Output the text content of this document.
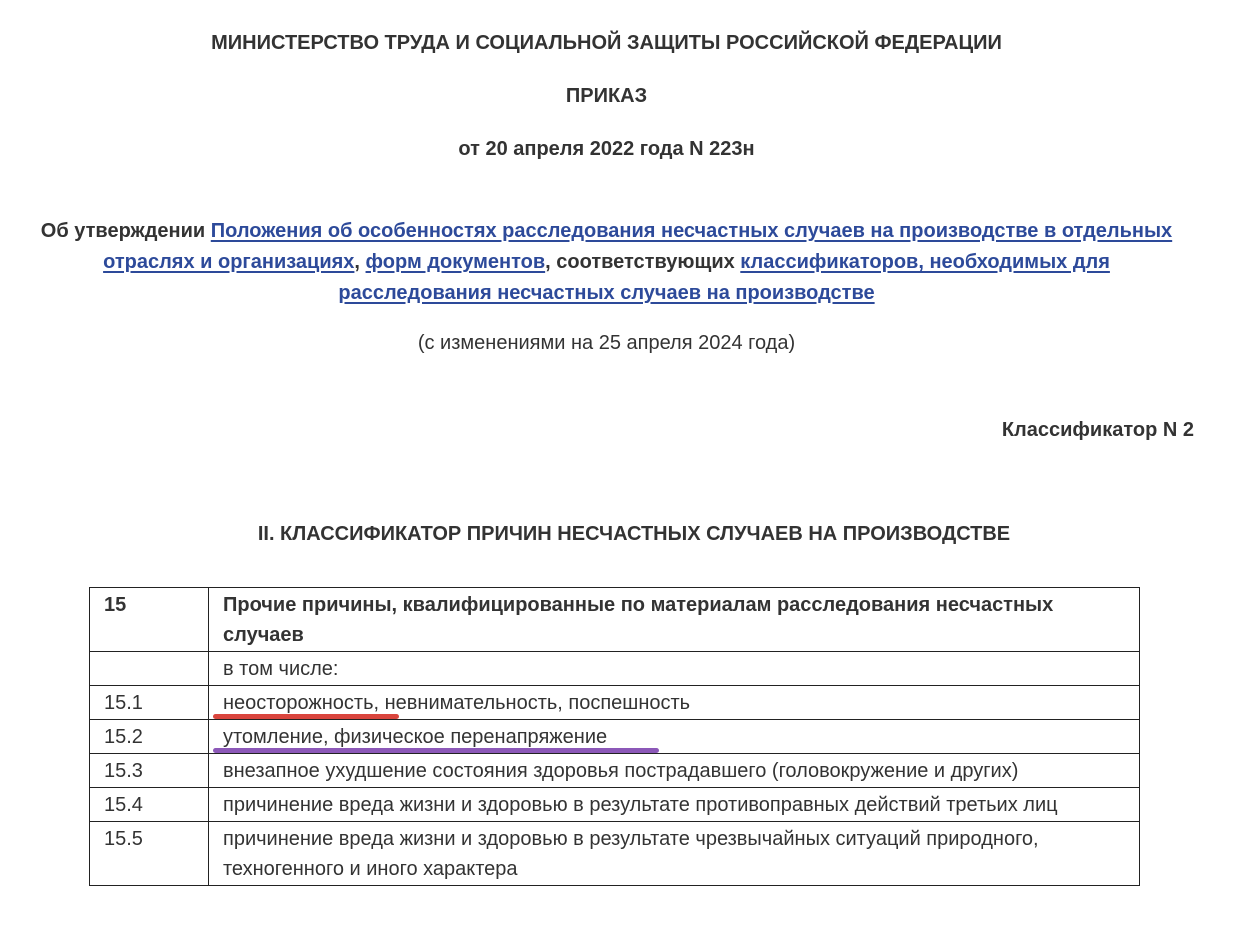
МИНИСТЕРСТВО ТРУДА И СОЦИАЛЬНОЙ ЗАЩИТЫ РОССИЙСКОЙ ФЕДЕРАЦИИ
ПРИКАЗ
от 20 апреля 2022 года N 223н
Об утверждении Положения об особенностях расследования несчастных случаев на производстве в отдельных отраслях и организациях, форм документов, соответствующих классификаторов, необходимых для расследования несчастных случаев на производстве
(с изменениями на 25 апреля 2024 года)
Классификатор N 2
II. КЛАССИФИКАТОР ПРИЧИН НЕСЧАСТНЫХ СЛУЧАЕВ НА ПРОИЗВОДСТВЕ
15	Прочие причины, квалифицированные по материалам расследования несчастных случаев
	в том числе:
15.1	неосторожность, невнимательность, поспешность

15.2	утомление, физическое перенапряжение

15.3	внезапное ухудшение состояния здоровья пострадавшего (головокружение и других)
15.4	причинение вреда жизни и здоровью в результате противоправных действий третьих лиц
15.5	причинение вреда жизни и здоровью в результате чрезвычайных ситуаций природного, техногенного и иного характера
